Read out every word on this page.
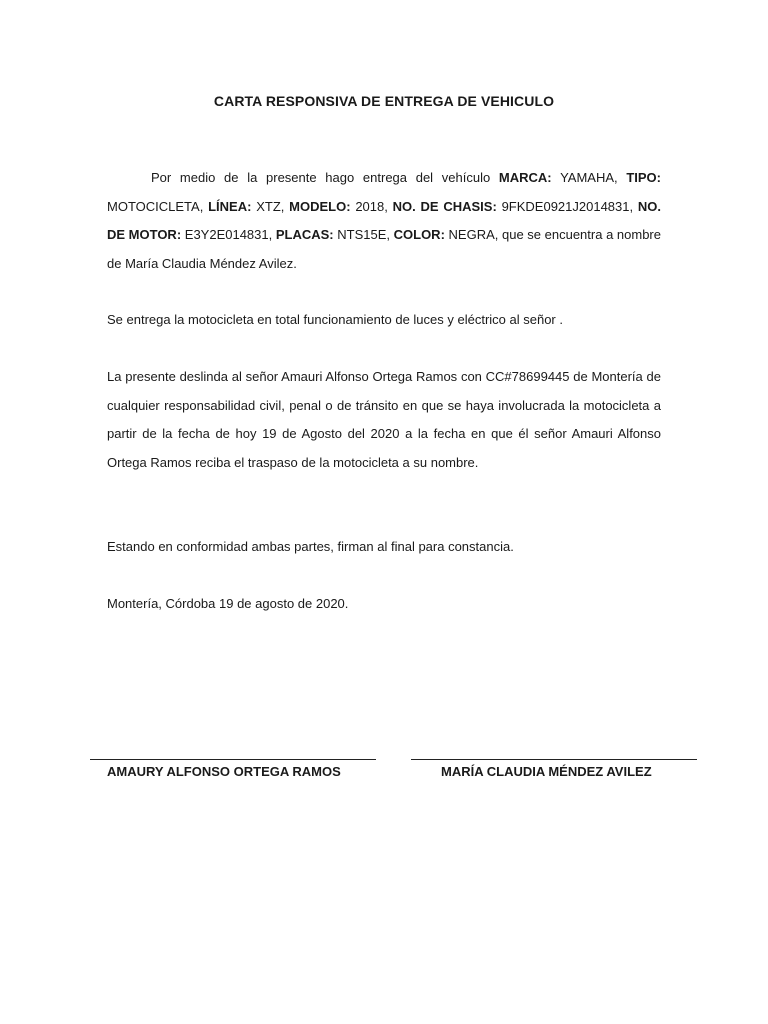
CARTA RESPONSIVA DE ENTREGA DE VEHICULO

Por medio de la presente hago entrega del vehículo MARCA: YAMAHA, TIPO: MOTOCICLETA, LÍNEA: XTZ, MODELO: 2018, NO. DE CHASIS: 9FKDE0921J2014831, NO. DE MOTOR: E3Y2E014831, PLACAS: NTS15E, COLOR: NEGRA, que se encuentra a nombre de María Claudia Méndez Avilez.

Se entrega la motocicleta en total funcionamiento de luces y eléctrico al señor .

La presente deslinda al señor Amauri Alfonso Ortega Ramos con CC#78699445 de Montería de cualquier responsabilidad civil, penal o de tránsito en que se haya involucrada la motocicleta a partir de la fecha de hoy 19 de Agosto del 2020 a la fecha en que él señor Amauri Alfonso Ortega Ramos reciba el traspaso de la motocicleta a su nombre.

Estando en conformidad ambas partes, firman al final para constancia.

Montería, Córdoba 19 de agosto de 2020.

AMAURY ALFONSO ORTEGA RAMOS	MARÍA CLAUDIA MÉNDEZ AVILEZ
